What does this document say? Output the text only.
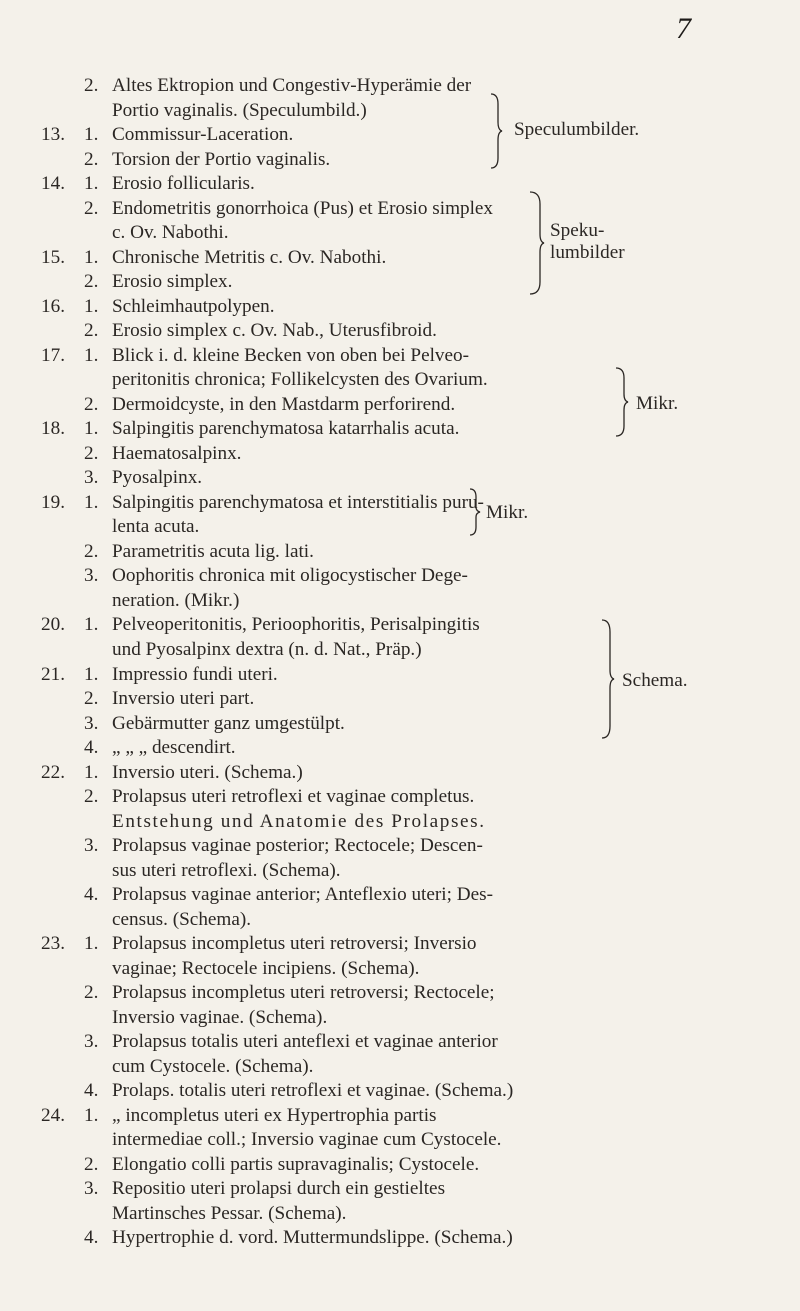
7
2. Altes Ektropion und Congestiv-Hyperämie der
Portio vaginalis. (Speculumbild.)
13. 1. Commissur-Laceration.
2. Torsion der Portio vaginalis.
14. 1. Erosio follicularis.
2. Endometritis gonorrhoica (Pus) et Erosio simplex
c. Ov. Nabothi.
15. 1. Chronische Metritis c. Ov. Nabothi.
2. Erosio simplex.
16. 1. Schleimhautpolypen.
2. Erosio simplex c. Ov. Nab., Uterusfibroid.
17. 1. Blick i. d. kleine Becken von oben bei Pelveo-
peritonitis chronica; Follikelcysten des Ovarium.
2. Dermoidcyste, in den Mastdarm perforirend.
18. 1. Salpingitis parenchymatosa katarrhalis acuta.
2. Haematosalpinx.
3. Pyosalpinx.
19. 1. Salpingitis parenchymatosa et interstitialis puru-
lenta acuta.
2. Parametritis acuta lig. lati.
3. Oophoritis chronica mit oligocystischer Dege-
neration. (Mikr.)
20. 1. Pelveoperitonitis, Perioophoritis, Perisalpingitis
und Pyosalpinx dextra (n. d. Nat., Präp.)
21. 1. Impressio fundi uteri.
2. Inversio uteri part.
3. Gebärmutter ganz umgestülpt.
4. „ „ „ descendirt.
22. 1. Inversio uteri. (Schema.)
2. Prolapsus uteri retroflexi et vaginae completus.
Entstehung und Anatomie des Prolapses.
3. Prolapsus vaginae posterior; Rectocele; Descen-
sus uteri retroflexi. (Schema).
4. Prolapsus vaginae anterior; Anteflexio uteri; Des-
census. (Schema).
23. 1. Prolapsus incompletus uteri retroversi; Inversio
vaginae; Rectocele incipiens. (Schema).
2. Prolapsus incompletus uteri retroversi; Rectocele;
Inversio vaginae. (Schema).
3. Prolapsus totalis uteri anteflexi et vaginae anterior
cum Cystocele. (Schema).
4. Prolaps. totalis uteri retroflexi et vaginae. (Schema.)
24. 1. „ incompletus uteri ex Hypertrophia partis
intermediae coll.; Inversio vaginae cum Cystocele.
2. Elongatio colli partis supravaginalis; Cystocele.
3. Repositio uteri prolapsi durch ein gestieltes
Martinsches Pessar. (Schema).
4. Hypertrophie d. vord. Muttermundslippe. (Schema.)
Speculumbilder.
Speku-
lumbilder
Mikr.
Mikr.
Schema.
